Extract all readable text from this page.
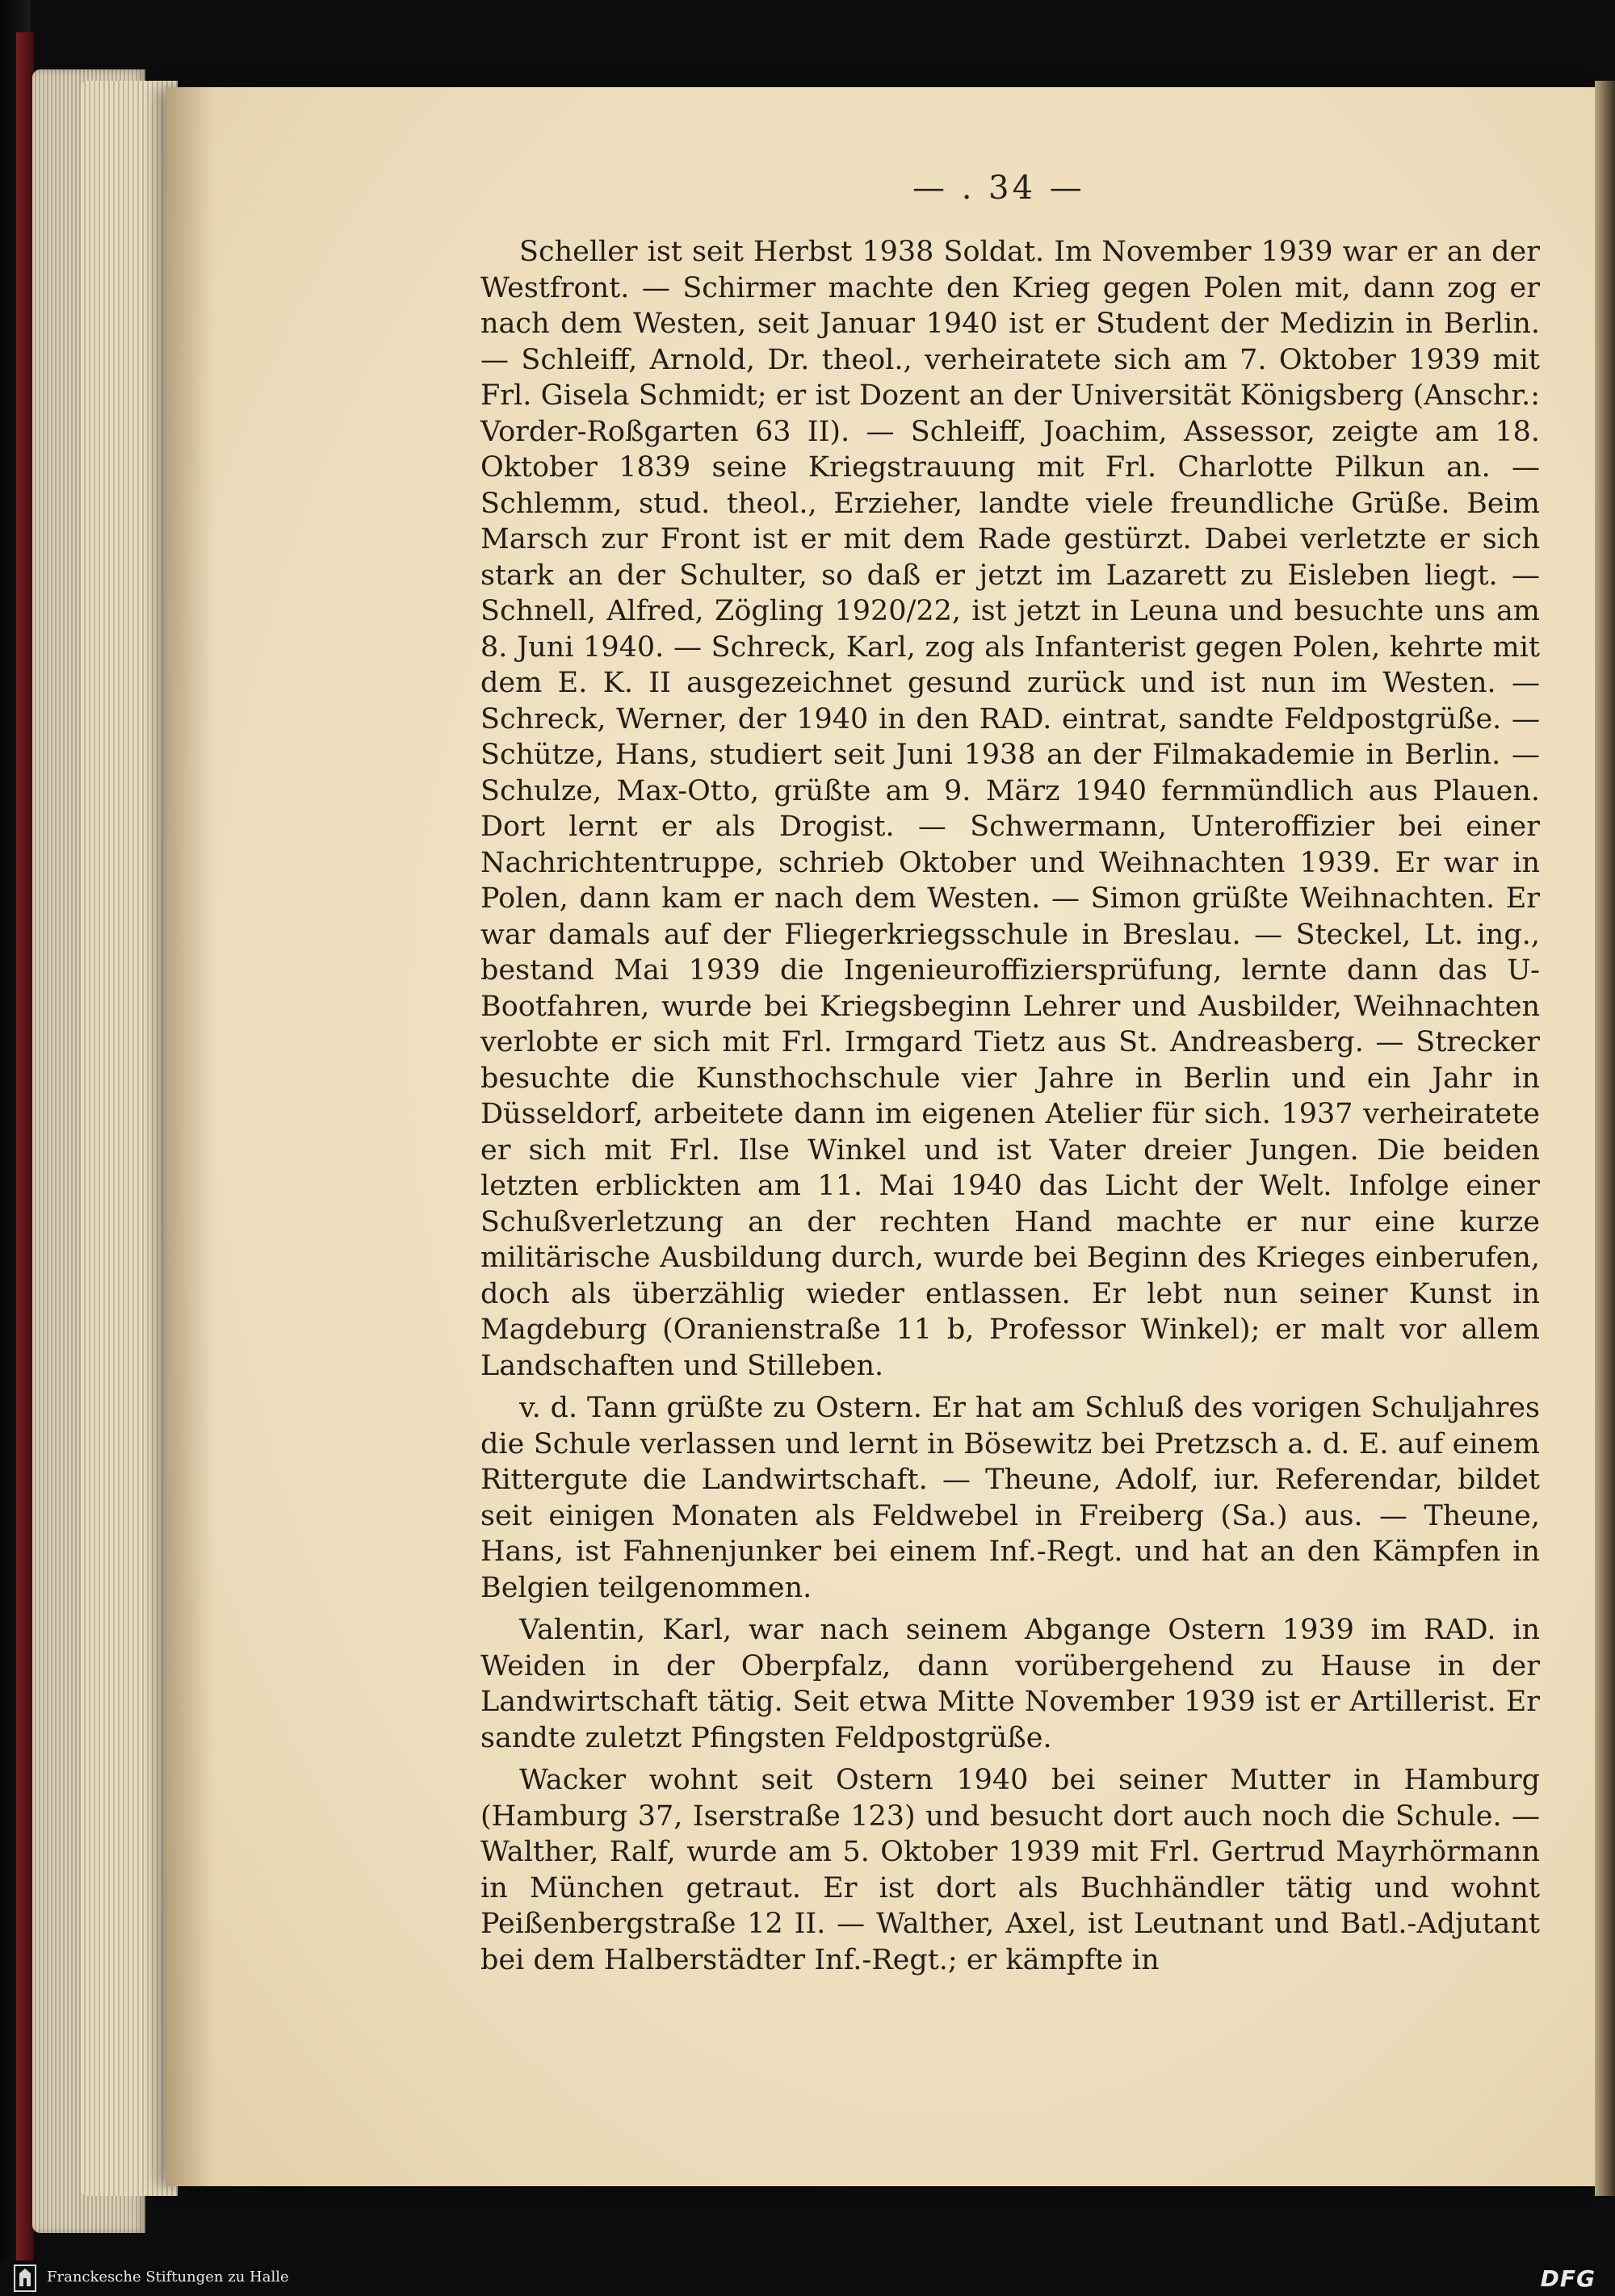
— . 34 —

Scheller ist seit Herbst 1938 Soldat. Im November 1939 war er an der Westfront. — Schirmer machte den Krieg gegen Polen mit, dann zog er nach dem Westen, seit Januar 1940 ist er Student der Medizin in Berlin. — Schleiff, Arnold, Dr. theol., verheiratete sich am 7. Oktober 1939 mit Frl. Gisela Schmidt; er ist Dozent an der Universität Königsberg (Anschr.: Vorder-Roßgarten 63 II). — Schleiff, Joachim, Assessor, zeigte am 18. Oktober 1839 seine Kriegstrauung mit Frl. Charlotte Pilkun an. — Schlemm, stud. theol., Erzieher, landte viele freundliche Grüße. Beim Marsch zur Front ist er mit dem Rade gestürzt. Dabei verletzte er sich stark an der Schulter, so daß er jetzt im Lazarett zu Eisleben liegt. — Schnell, Alfred, Zögling 1920/22, ist jetzt in Leuna und besuchte uns am 8. Juni 1940. — Schreck, Karl, zog als Infanterist gegen Polen, kehrte mit dem E. K. II ausgezeichnet gesund zurück und ist nun im Westen. — Schreck, Werner, der 1940 in den RAD. eintrat, sandte Feldpostgrüße. — Schütze, Hans, studiert seit Juni 1938 an der Filmakademie in Berlin. — Schulze, Max-Otto, grüßte am 9. März 1940 fernmündlich aus Plauen. Dort lernt er als Drogist. — Schwermann, Unteroffizier bei einer Nachrichtentruppe, schrieb Oktober und Weihnachten 1939. Er war in Polen, dann kam er nach dem Westen. — Simon grüßte Weihnachten. Er war damals auf der Fliegerkriegsschule in Breslau. — Steckel, Lt. ing., bestand Mai 1939 die Ingenieuroffiziersprüfung, lernte dann das U-Bootfahren, wurde bei Kriegsbeginn Lehrer und Ausbilder, Weihnachten verlobte er sich mit Frl. Irmgard Tietz aus St. Andreasberg. — Strecker besuchte die Kunsthochschule vier Jahre in Berlin und ein Jahr in Düsseldorf, arbeitete dann im eigenen Atelier für sich. 1937 verheiratete er sich mit Frl. Ilse Winkel und ist Vater dreier Jungen. Die beiden letzten erblickten am 11. Mai 1940 das Licht der Welt. Infolge einer Schußverletzung an der rechten Hand machte er nur eine kurze militärische Ausbildung durch, wurde bei Beginn des Krieges einberufen, doch als überzählig wieder entlassen. Er lebt nun seiner Kunst in Magdeburg (Oranienstraße 11 b, Professor Winkel); er malt vor allem Landschaften und Stilleben.

v. d. Tann grüßte zu Ostern. Er hat am Schluß des vorigen Schuljahres die Schule verlassen und lernt in Bösewitz bei Pretzsch a. d. E. auf einem Rittergute die Landwirtschaft. — Theune, Adolf, iur. Referendar, bildet seit einigen Monaten als Feldwebel in Freiberg (Sa.) aus. — Theune, Hans, ist Fahnenjunker bei einem Inf.-Regt. und hat an den Kämpfen in Belgien teilgenommen.

Valentin, Karl, war nach seinem Abgange Ostern 1939 im RAD. in Weiden in der Oberpfalz, dann vorübergehend zu Hause in der Landwirtschaft tätig. Seit etwa Mitte November 1939 ist er Artillerist. Er sandte zuletzt Pfingsten Feldpostgrüße.

Wacker wohnt seit Ostern 1940 bei seiner Mutter in Hamburg (Hamburg 37, Iserstraße 123) und besucht dort auch noch die Schule. — Walther, Ralf, wurde am 5. Oktober 1939 mit Frl. Gertrud Mayrhörmann in München getraut. Er ist dort als Buchhändler tätig und wohnt Peißenbergstraße 12 II. — Walther, Axel, ist Leutnant und Batl.-Adjutant bei dem Halberstädter Inf.-Regt.; er kämpfte in

Franckesche Stiftungen zu Halle	DFG
